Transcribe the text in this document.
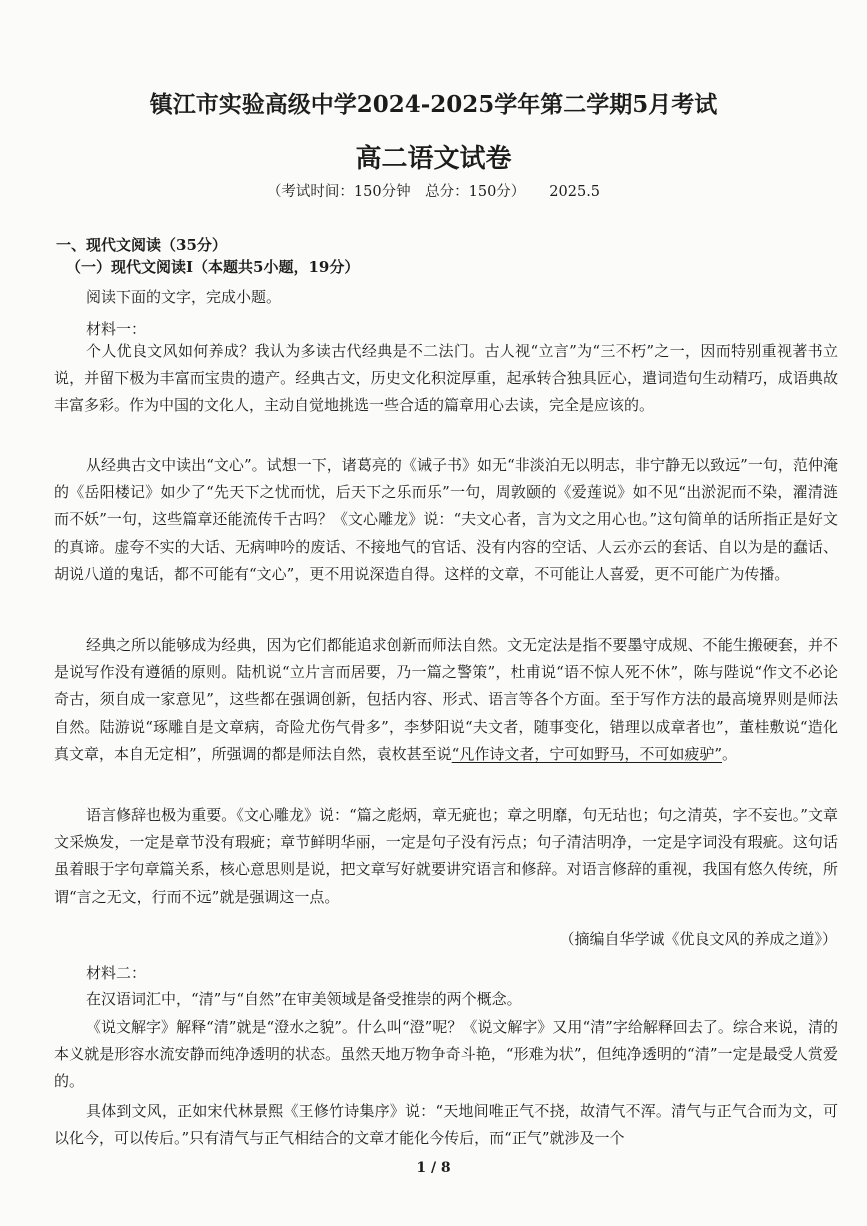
镇江市实验高级中学2024-2025学年第二学期5月考试
高二语文试卷
（考试时间：150分钟　总分：150分） 2025.5
一、现代文阅读（35分）
（一）现代文阅读I（本题共5小题，19分）
阅读下面的文字，完成小题。
材料一：
个人优良文风如何养成？我认为多读古代经典是不二法门。古人视“立言”为“三不朽”之一，因而特别重视著书立说，并留下极为丰富而宝贵的遗产。经典古文，历史文化积淀厚重，起承转合独具匠心，遣词造句生动精巧，成语典故丰富多彩。作为中国的文化人，主动自觉地挑选一些合适的篇章用心去读，完全是应该的。
从经典古文中读出“文心”。试想一下，诸葛亮的《诫子书》如无“非淡泊无以明志，非宁静无以致远”一句，范仲淹的《岳阳楼记》如少了“先天下之忧而忧，后天下之乐而乐”一句，周敦颐的《爱莲说》如不见“出淤泥而不染，濯清涟而不妖”一句，这些篇章还能流传千古吗？《文心雕龙》说：“夫文心者，言为文之用心也。”这句简单的话所指正是好文的真谛。虚夸不实的大话、无病呻吟的废话、不接地气的官话、没有内容的空话、人云亦云的套话、自以为是的蠢话、胡说八道的鬼话，都不可能有“文心”，更不用说深造自得。这样的文章，不可能让人喜爱，更不可能广为传播。
经典之所以能够成为经典，因为它们都能追求创新而师法自然。文无定法是指不要墨守成规、不能生搬硬套，并不是说写作没有遵循的原则。陆机说“立片言而居要，乃一篇之警策”，杜甫说“语不惊人死不休”，陈与陛说“作文不必论奇古，须自成一家意见”，这些都在强调创新，包括内容、形式、语言等各个方面。至于写作方法的最高境界则是师法自然。陆游说“琢雕自是文章病，奇险尤伤气骨多”，李梦阳说“夫文者，随事变化，错理以成章者也”，董桂敷说“造化真文章，本自无定相”，所强调的都是师法自然，袁枚甚至说“凡作诗文者，宁可如野马，不可如疲驴”。
语言修辞也极为重要。《文心雕龙》说：“篇之彪炳，章无疵也；章之明靡，句无玷也；句之清英，字不妄也。”文章文采焕发，一定是章节没有瑕疵；章节鲜明华丽，一定是句子没有污点；句子清洁明净，一定是字词没有瑕疵。这句话虽着眼于字句章篇关系，核心意思则是说，把文章写好就要讲究语言和修辞。对语言修辞的重视，我国有悠久传统，所谓“言之无文，行而不远”就是强调这一点。
（摘编自华学诚《优良文风的养成之道》）
材料二：
在汉语词汇中，“清”与“自然”在审美领域是备受推崇的两个概念。
《说文解字》解释“清”就是“澄水之貌”。什么叫“澄”呢？《说文解字》又用“清”字给解释回去了。综合来说，清的本义就是形容水流安静而纯净透明的状态。虽然天地万物争奇斗艳，“形难为状”，但纯净透明的“清”一定是最受人赏爱的。
具体到文风，正如宋代林景熙《王修竹诗集序》说：“天地间唯正气不挠，故清气不浑。清气与正气合而为文，可以化今，可以传后。”只有清气与正气相结合的文章才能化今传后，而“正气”就涉及一个
1 / 8
